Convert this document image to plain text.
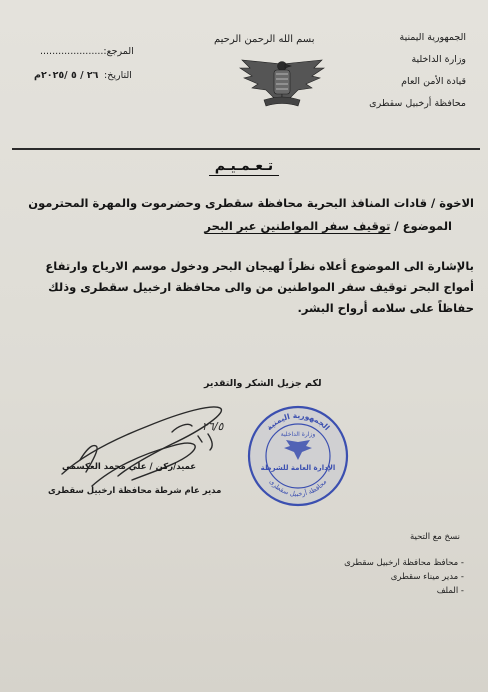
الجمهورية اليمنية
وزارة الداخلية
قيادة الأمن العام
محافظة أرخبيل سقطرى
بسم الله الرحمن الرحيم
المرجع:.....................
التاريخ:
٢٦ / ٥ /٢٠٢٥م
تـعـمـيـم
الاخوة / قادات المنافذ البحرية محافظة سقطرى وحضرموت والمهرة المحترمون
الموضوع / توقيف سفر المواطنين عبر البحر
بالإشارة الى الموضوع أعلاه نظراً لهيجان البحر ودخول موسم الارياح وارتفاع
أمواج البحر توقيف سفر المواطنين من والى محافظة ارخبيل سقطرى وذلك
حفاظاً على سلامه أرواح البشر.
لكم جزيل الشكر والتقدير
٢٦/٥
عميد/ركن / علي محمد العكسمي
مدير عام شرطة محافظة ارخبيل سقطرى
الجمهورية اليمنية
وزارة الداخلية
الإدارة العامة للشرطة
محافظة أرخبيل سقطرى
نسخ مع التحية
- محافظ محافظة ارخبيل سقطرى
- مدير ميناء سقطرى
- الملف
